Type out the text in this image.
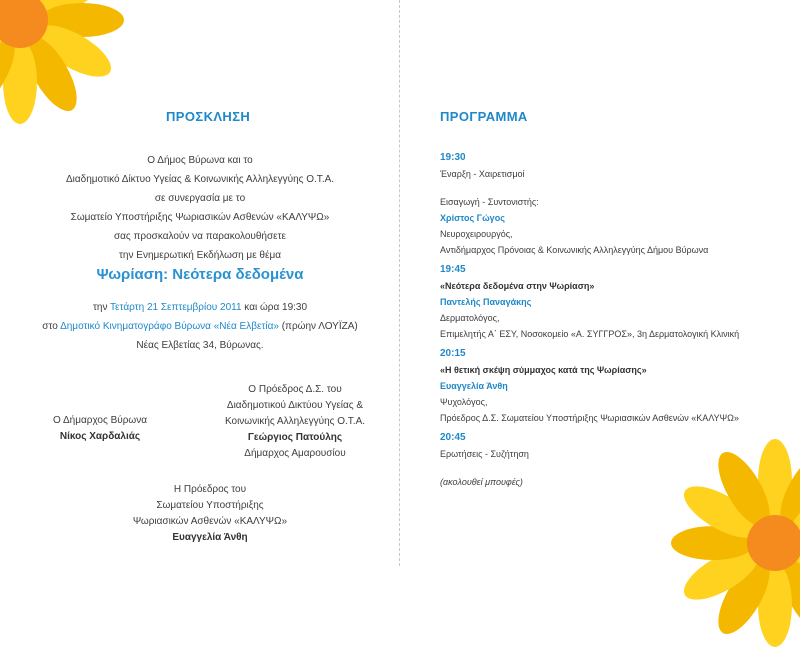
ΠΡΟΣΚΛΗΣΗ
Ο Δήμος Βύρωνα και το
Διαδημοτικό Δίκτυο Υγείας & Κοινωνικής Αλληλεγγύης Ο.Τ.Α.
σε συνεργασία με το
Σωματείο Υποστήριξης Ψωριασικών Ασθενών «ΚΑΛΥΨΩ»
σας προσκαλούν να παρακολουθήσετε
την Ενημερωτική Εκδήλωση με θέμα
Ψωρίαση: Νεότερα δεδομένα
την Τετάρτη 21 Σεπτεμβρίου 2011 και ώρα 19:30
στο Δημοτικό Κινηματογράφο Βύρωνα «Νέα Ελβετία» (πρώην ΛΟΥΪΖΑ)
Νέας Ελβετίας 34, Βύρωνας.
Ο Δήμαρχος Βύρωνα
Νίκος Χαρδαλιάς
Ο Πρόεδρος Δ.Σ. του
Διαδημοτικού Δικτύου Υγείας &
Κοινωνικής Αλληλεγγύης Ο.Τ.Α.
Γεώργιος Πατούλης
Δήμαρχος Αμαρουσίου
Η Πρόεδρος του
Σωματείου Υποστήριξης
Ψωριασικών Ασθενών «ΚΑΛΥΨΩ»
Ευαγγελία Άνθη
ΠΡΟΓΡΑΜΜΑ
19:30
Έναρξη - Χαιρετισμοί
Εισαγωγή - Συντονιστής:
Χρίστος Γώγος
Νευροχειρουργός,
Αντιδήμαρχος Πρόνοιας & Κοινωνικής Αλληλεγγύης Δήμου Βύρωνα
19:45
«Νεότερα δεδομένα στην Ψωρίαση»
Παντελής Παναγάκης
Δερματολόγος,
Επιμελητής Α΄ ΕΣΥ, Νοσοκομείο «Α. ΣΥΓΓΡΟΣ», 3η Δερματολογική Κλινική
20:15
«Η θετική σκέψη σύμμαχος κατά της Ψωρίασης»
Ευαγγελία Άνθη
Ψυχολόγος,
Πρόεδρος Δ.Σ. Σωματείου Υποστήριξης Ψωριασικών Ασθενών «ΚΑΛΥΨΩ»
20:45
Ερωτήσεις - Συζήτηση
(ακολουθεί μπουφές)
